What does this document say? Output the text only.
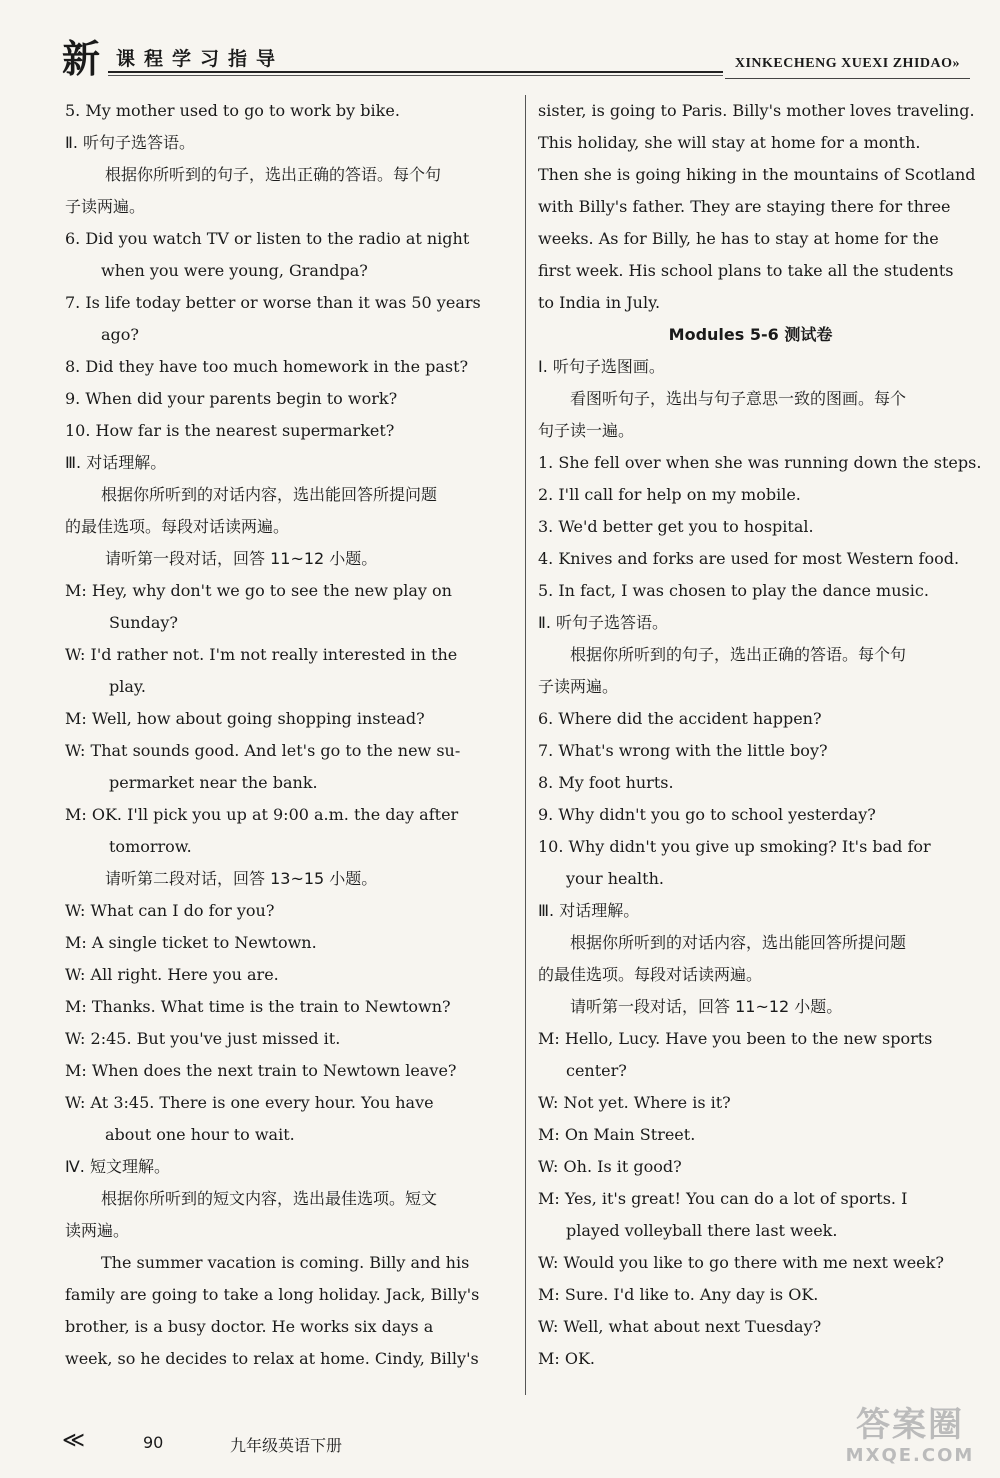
新 课程学习指导	XINKECHENG XUEXI ZHIDAO»
5. My mother used to go to work by bike.
Ⅱ. 听句子选答语。
根据你所听到的句子，选出正确的答语。每个句
子读两遍。
6. Did you watch TV or listen to the radio at night
when you were young, Grandpa?
7. Is life today better or worse than it was 50 years
ago?
8. Did they have too much homework in the past?
9. When did your parents begin to work?
10. How far is the nearest supermarket?
Ⅲ. 对话理解。
根据你所听到的对话内容，选出能回答所提问题
的最佳选项。每段对话读两遍。
请听第一段对话，回答 11~12 小题。
M: Hey, why don't we go to see the new play on
Sunday?
W: I'd rather not. I'm not really interested in the
play.
M: Well, how about going shopping instead?
W: That sounds good. And let's go to the new su-
permarket near the bank.
M: OK. I'll pick you up at 9:00 a.m. the day after
tomorrow.
请听第二段对话，回答 13~15 小题。
W: What can I do for you?
M: A single ticket to Newtown.
W: All right. Here you are.
M: Thanks. What time is the train to Newtown?
W: 2:45. But you've just missed it.
M: When does the next train to Newtown leave?
W: At 3:45. There is one every hour. You have
about one hour to wait.
Ⅳ. 短文理解。
根据你所听到的短文内容，选出最佳选项。短文
读两遍。
The summer vacation is coming. Billy and his
family are going to take a long holiday. Jack, Billy's
brother, is a busy doctor. He works six days a
week, so he decides to relax at home. Cindy, Billy's
sister, is going to Paris. Billy's mother loves traveling.
This holiday, she will stay at home for a month.
Then she is going hiking in the mountains of Scotland
with Billy's father. They are staying there for three
weeks. As for Billy, he has to stay at home for the
first week. His school plans to take all the students
to India in July.
Modules 5-6 测试卷
Ⅰ. 听句子选图画。
看图听句子，选出与句子意思一致的图画。每个
句子读一遍。
1. She fell over when she was running down the steps.
2. I'll call for help on my mobile.
3. We'd better get you to hospital.
4. Knives and forks are used for most Western food.
5. In fact, I was chosen to play the dance music.
Ⅱ. 听句子选答语。
根据你所听到的句子，选出正确的答语。每个句
子读两遍。
6. Where did the accident happen?
7. What's wrong with the little boy?
8. My foot hurts.
9. Why didn't you go to school yesterday?
10. Why didn't you give up smoking? It's bad for
your health.
Ⅲ. 对话理解。
根据你所听到的对话内容，选出能回答所提问题
的最佳选项。每段对话读两遍。
请听第一段对话，回答 11~12 小题。
M: Hello, Lucy. Have you been to the new sports
center?
W: Not yet. Where is it?
M: On Main Street.
W: Oh. Is it good?
M: Yes, it's great! You can do a lot of sports. I
played volleyball there last week.
W: Would you like to go there with me next week?
M: Sure. I'd like to. Any day is OK.
W: Well, what about next Tuesday?
M: OK.
≪	90	九年级英语下册
答案圈
MXQE.COM
